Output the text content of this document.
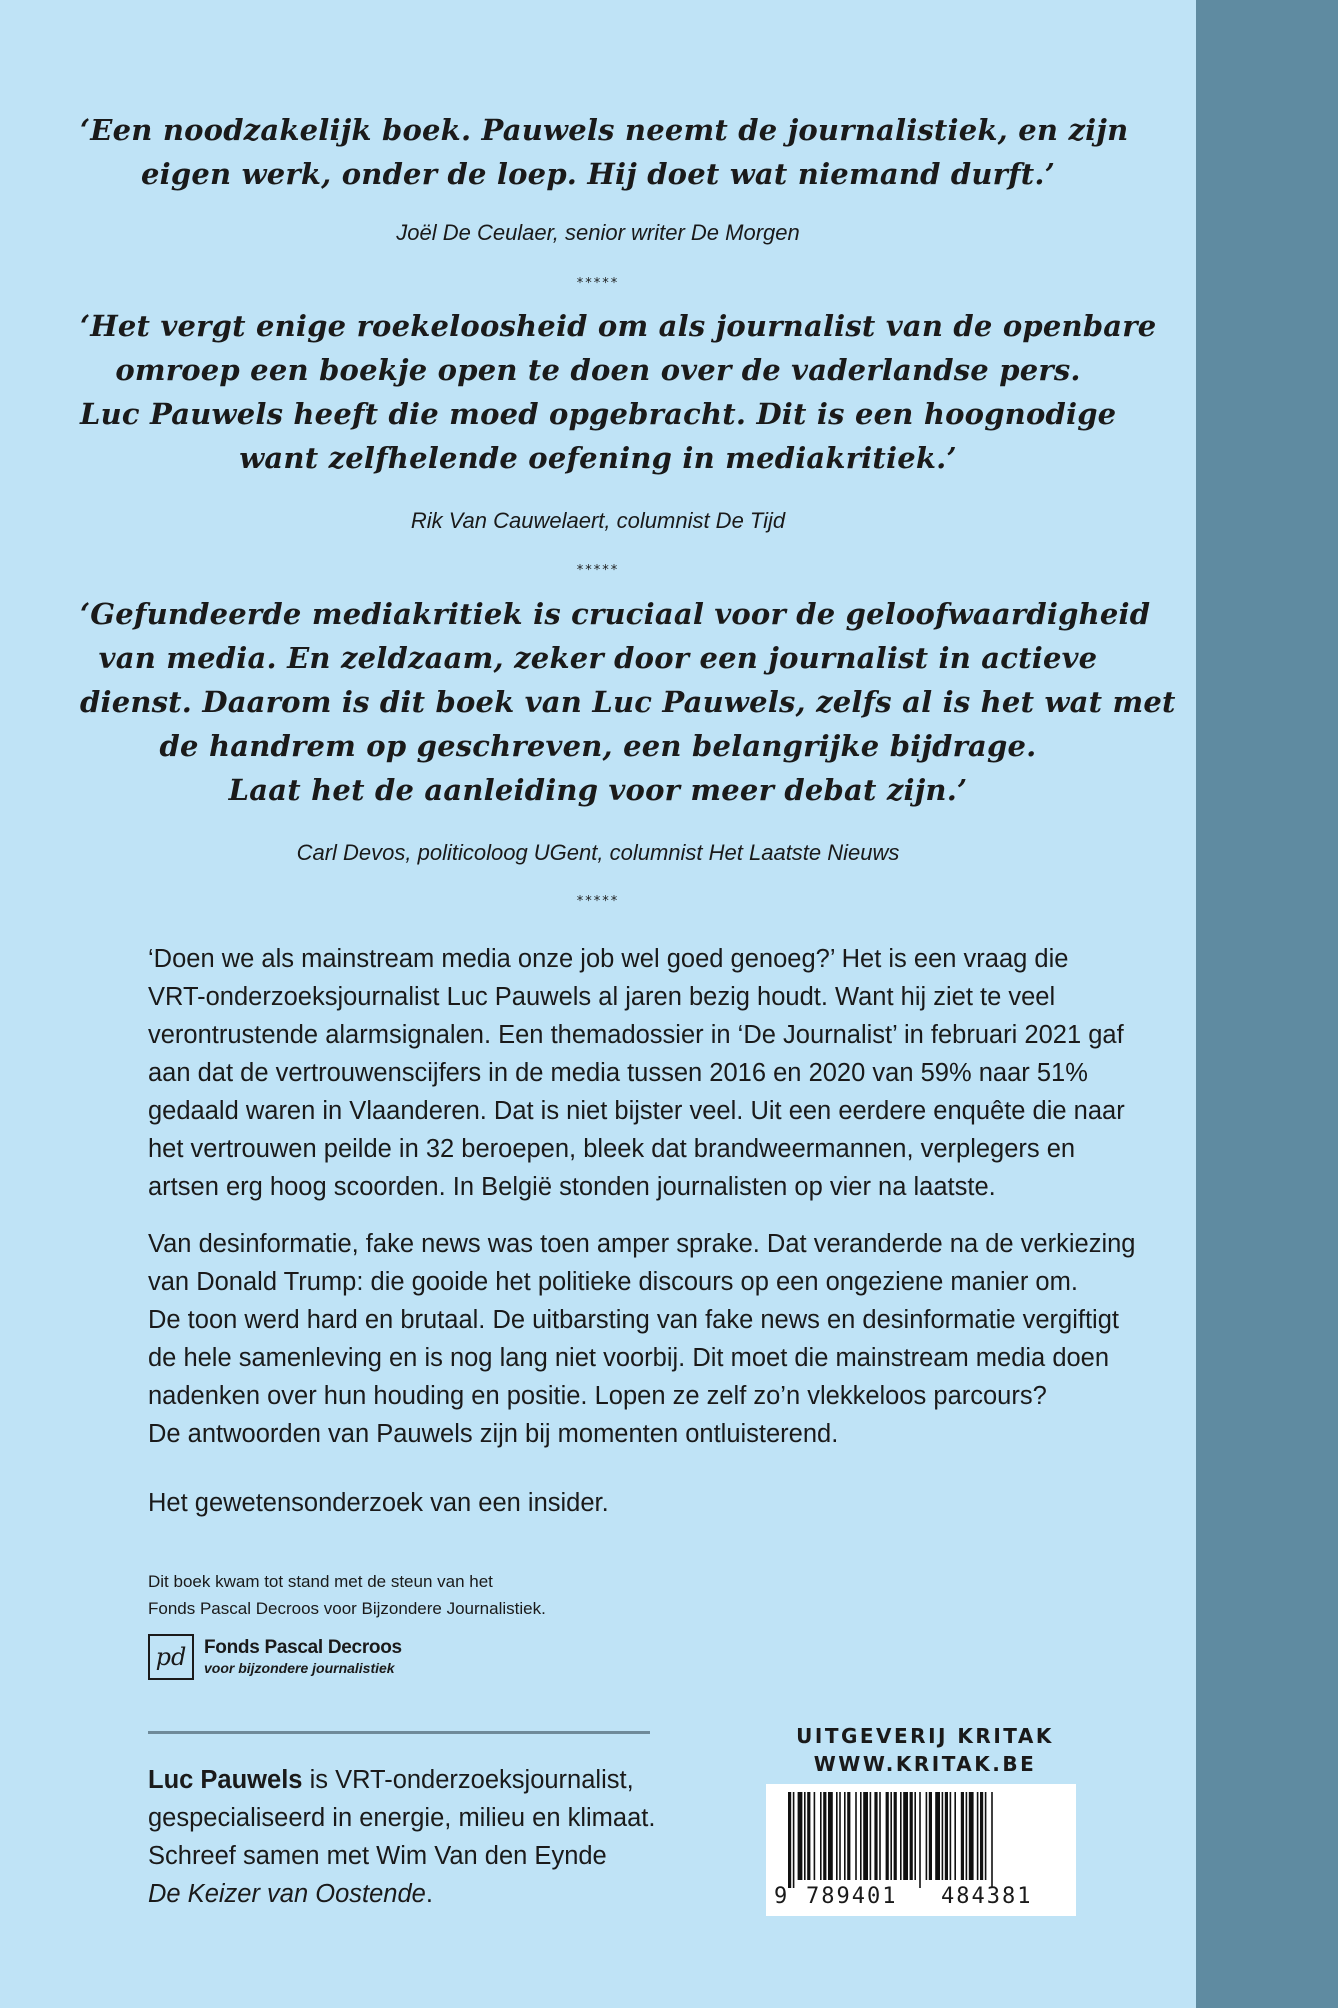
‘Een noodzakelijk boek. Pauwels neemt de journalistiek, en zijn
eigen werk, onder de loep. Hij doet wat niemand durft.’
Joël De Ceulaer, senior writer De Morgen
*****
‘Het vergt enige roekeloosheid om als journalist van de openbare
omroep een boekje open te doen over de vaderlandse pers.
Luc Pauwels heeft die moed opgebracht. Dit is een hoognodige
want zelfhelende oefening in mediakritiek.’
Rik Van Cauwelaert, columnist De Tijd
*****
‘Gefundeerde mediakritiek is cruciaal voor de geloofwaardigheid
van media. En zeldzaam, zeker door een journalist in actieve
dienst. Daarom is dit boek van Luc Pauwels, zelfs al is het wat met
de handrem op geschreven, een belangrijke bijdrage.
Laat het de aanleiding voor meer debat zijn.’
Carl Devos, politicoloog UGent, columnist Het Laatste Nieuws
*****
‘Doen we als mainstream media onze job wel goed genoeg?’ Het is een vraag die
VRT-onderzoeksjournalist Luc Pauwels al jaren bezig houdt. Want hij ziet te veel
verontrustende alarmsignalen. Een themadossier in ‘De Journalist’ in februari 2021 gaf
aan dat de vertrouwenscijfers in de media tussen 2016 en 2020 van 59% naar 51%
gedaald waren in Vlaanderen. Dat is niet bijster veel. Uit een eerdere enquête die naar
het vertrouwen peilde in 32 beroepen, bleek dat brandweermannen, verplegers en
artsen erg hoog scoorden. In België stonden journalisten op vier na laatste.
Van desinformatie, fake news was toen amper sprake. Dat veranderde na de verkiezing
van Donald Trump: die gooide het politieke discours op een ongeziene manier om.
De toon werd hard en brutaal. De uitbarsting van fake news en desinformatie vergiftigt
de hele samenleving en is nog lang niet voorbij. Dit moet die mainstream media doen
nadenken over hun houding en positie. Lopen ze zelf zo’n vlekkeloos parcours?
De antwoorden van Pauwels zijn bij momenten ontluisterend.
Het gewetensonderzoek van een insider.
Dit boek kwam tot stand met de steun van het
Fonds Pascal Decroos voor Bijzondere Journalistiek.
pd Fonds Pascal Decroos
voor bijzondere journalistiek
Luc Pauwels is VRT-onderzoeksjournalist,
gespecialiseerd in energie, milieu en klimaat.
Schreef samen met Wim Van den Eynde
De Keizer van Oostende.
UITGEVERIJ KRITAK
WWW.KRITAK.BE
9 789401 484381
